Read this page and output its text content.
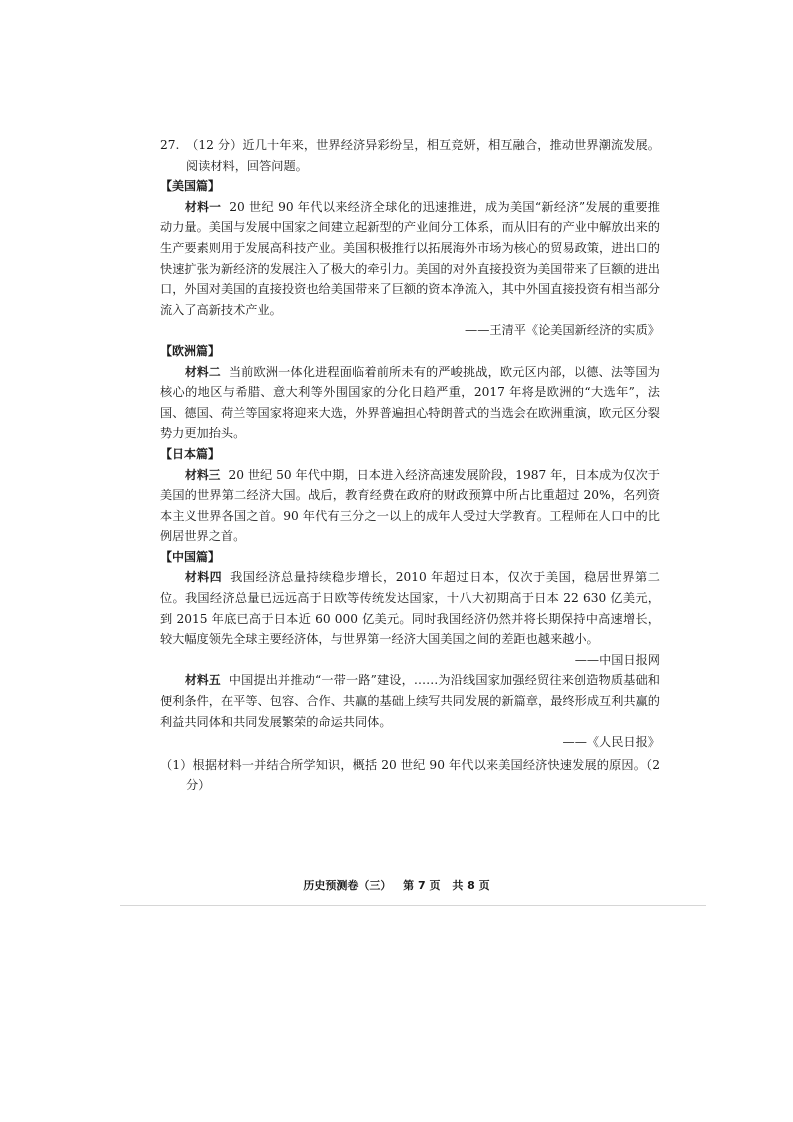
27. （12 分）近几十年来，世界经济异彩纷呈，相互竞妍，相互融合，推动世界潮流发展。阅读材料，回答问题。

【美国篇】

材料一 20 世纪 90 年代以来经济全球化的迅速推进，成为美国“新经济”发展的重要推动力量。美国与发展中国家之间建立起新型的产业间分工体系，而从旧有的产业中解放出来的生产要素则用于发展高科技产业。美国积极推行以拓展海外市场为核心的贸易政策，进出口的快速扩张为新经济的发展注入了极大的牵引力。美国的对外直接投资为美国带来了巨额的进出口，外国对美国的直接投资也给美国带来了巨额的资本净流入，其中外国直接投资有相当部分流入了高新技术产业。

——王清平《论美国新经济的实质》

【欧洲篇】

材料二 当前欧洲一体化进程面临着前所未有的严峻挑战，欧元区内部，以德、法等国为核心的地区与希腊、意大利等外围国家的分化日趋严重，2017 年将是欧洲的“大选年”，法国、德国、荷兰等国家将迎来大选，外界普遍担心特朗普式的当选会在欧洲重演，欧元区分裂势力更加抬头。

【日本篇】

材料三 20 世纪 50 年代中期，日本进入经济高速发展阶段，1987 年，日本成为仅次于美国的世界第二经济大国。战后，教育经费在政府的财政预算中所占比重超过 20%，名列资本主义世界各国之首。90 年代有三分之一以上的成年人受过大学教育。工程师在人口中的比例居世界之首。

【中国篇】

材料四 我国经济总量持续稳步增长，2010 年超过日本，仅次于美国，稳居世界第二位。我国经济总量已远远高于日欧等传统发达国家，十八大初期高于日本 22 630 亿美元，到 2015 年底已高于日本近 60 000 亿美元。同时我国经济仍然并将长期保持中高速增长，较大幅度领先全球主要经济体，与世界第一经济大国美国之间的差距也越来越小。

——中国日报网

材料五 中国提出并推动“一带一路”建设，……为沿线国家加强经贸往来创造物质基础和便利条件，在平等、包容、合作、共赢的基础上续写共同发展的新篇章，最终形成互利共赢的利益共同体和共同发展繁荣的命运共同体。

——《人民日报》

（1）根据材料一并结合所学知识，概括 20 世纪 90 年代以来美国经济快速发展的原因。（2 分）

历史预测卷（三） 第 7 页 共 8 页
